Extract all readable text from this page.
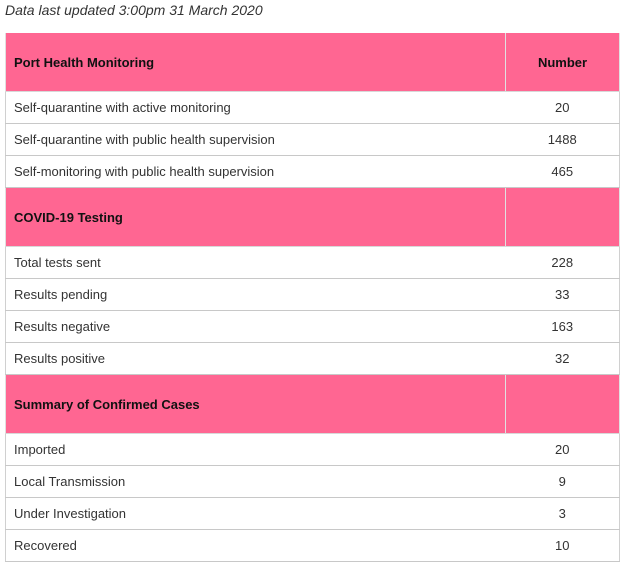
Data last updated 3:00pm 31 March 2020
Port Health Monitoring	Number
Self-quarantine with active monitoring	20
Self-quarantine with public health supervision	1488
Self-monitoring with public health supervision	465
COVID-19 Testing	
Total tests sent	228
Results pending	33
Results negative	163
Results positive	32
Summary of Confirmed Cases	
Imported	20
Local Transmission	9
Under Investigation	3
Recovered	10
